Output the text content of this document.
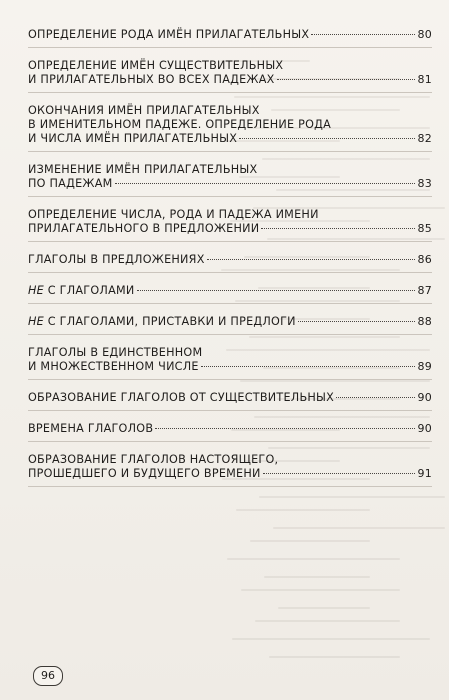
ОПРЕДЕЛЕНИЕ РОДА ИМЁН ПРИЛАГАТЕЛЬНЫХ	80
ОПРЕДЕЛЕНИЕ ИМЁН СУЩЕСТВИТЕЛЬНЫХ
И ПРИЛАГАТЕЛЬНЫХ ВО ВСЕХ ПАДЕЖАХ	81
ОКОНЧАНИЯ ИМЁН ПРИЛАГАТЕЛЬНЫХ
В ИМЕНИТЕЛЬНОМ ПАДЕЖЕ. ОПРЕДЕЛЕНИЕ РОДА
И ЧИСЛА ИМЁН ПРИЛАГАТЕЛЬНЫХ	82
ИЗМЕНЕНИЕ ИМЁН ПРИЛАГАТЕЛЬНЫХ
ПО ПАДЕЖАМ	83
ОПРЕДЕЛЕНИЕ ЧИСЛА, РОДА И ПАДЕЖА ИМЕНИ
ПРИЛАГАТЕЛЬНОГО В ПРЕДЛОЖЕНИИ	85
ГЛАГОЛЫ В ПРЕДЛОЖЕНИЯХ	86
НЕ С ГЛАГОЛАМИ	87
НЕ С ГЛАГОЛАМИ, ПРИСТАВКИ И ПРЕДЛОГИ	88
ГЛАГОЛЫ В ЕДИНСТВЕННОМ
И МНОЖЕСТВЕННОМ ЧИСЛЕ	89
ОБРАЗОВАНИЕ ГЛАГОЛОВ ОТ СУЩЕСТВИТЕЛЬНЫХ	90
ВРЕМЕНА ГЛАГОЛОВ	90
ОБРАЗОВАНИЕ ГЛАГОЛОВ НАСТОЯЩЕГО,
ПРОШЕДШЕГО И БУДУЩЕГО ВРЕМЕНИ	91
96
